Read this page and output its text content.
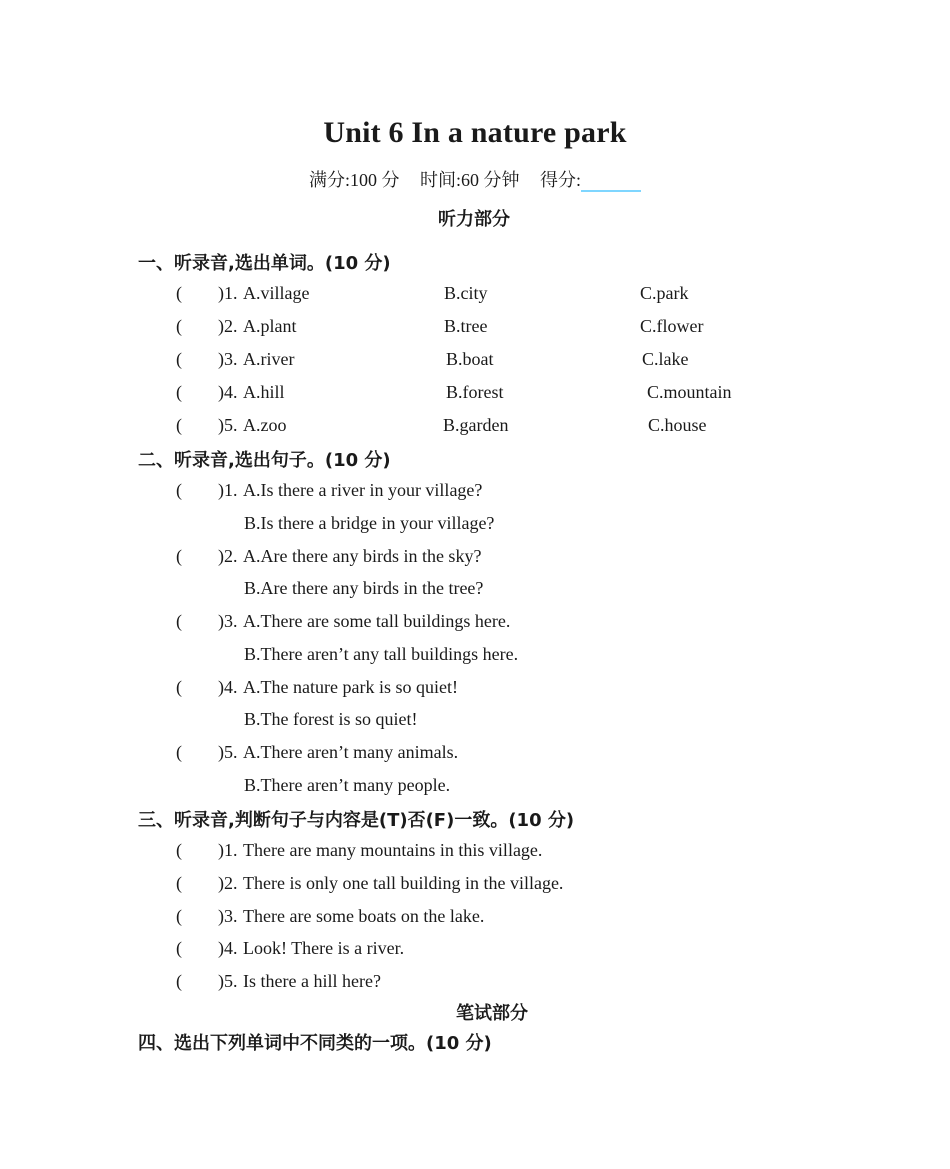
Unit 6 In a nature park
满分:100 分 时间:60 分钟 得分:
听力部分
一、听录音,选出单词。(10 分)
( )1. A.village	B.city	C.park
( )2. A.plant	B.tree	C.flower
( )3. A.river	B.boat	C.lake
( )4. A.hill	B.forest	C.mountain
( )5. A.zoo	B.garden	C.house
二、听录音,选出句子。(10 分)
( )1. A.Is there a river in your village?
B.Is there a bridge in your village?
( )2. A.Are there any birds in the sky?
B.Are there any birds in the tree?
( )3. A.There are some tall buildings here.
B.There aren’t any tall buildings here.
( )4. A.The nature park is so quiet!
B.The forest is so quiet!
( )5. A.There aren’t many animals.
B.There aren’t many people.
三、听录音,判断句子与内容是(T)否(F)一致。(10 分)
( )1. There are many mountains in this village.
( )2. There is only one tall building in the village.
( )3. There are some boats on the lake.
( )4. Look! There is a river.
( )5. Is there a hill here?
笔试部分
四、选出下列单词中不同类的一项。(10 分)
